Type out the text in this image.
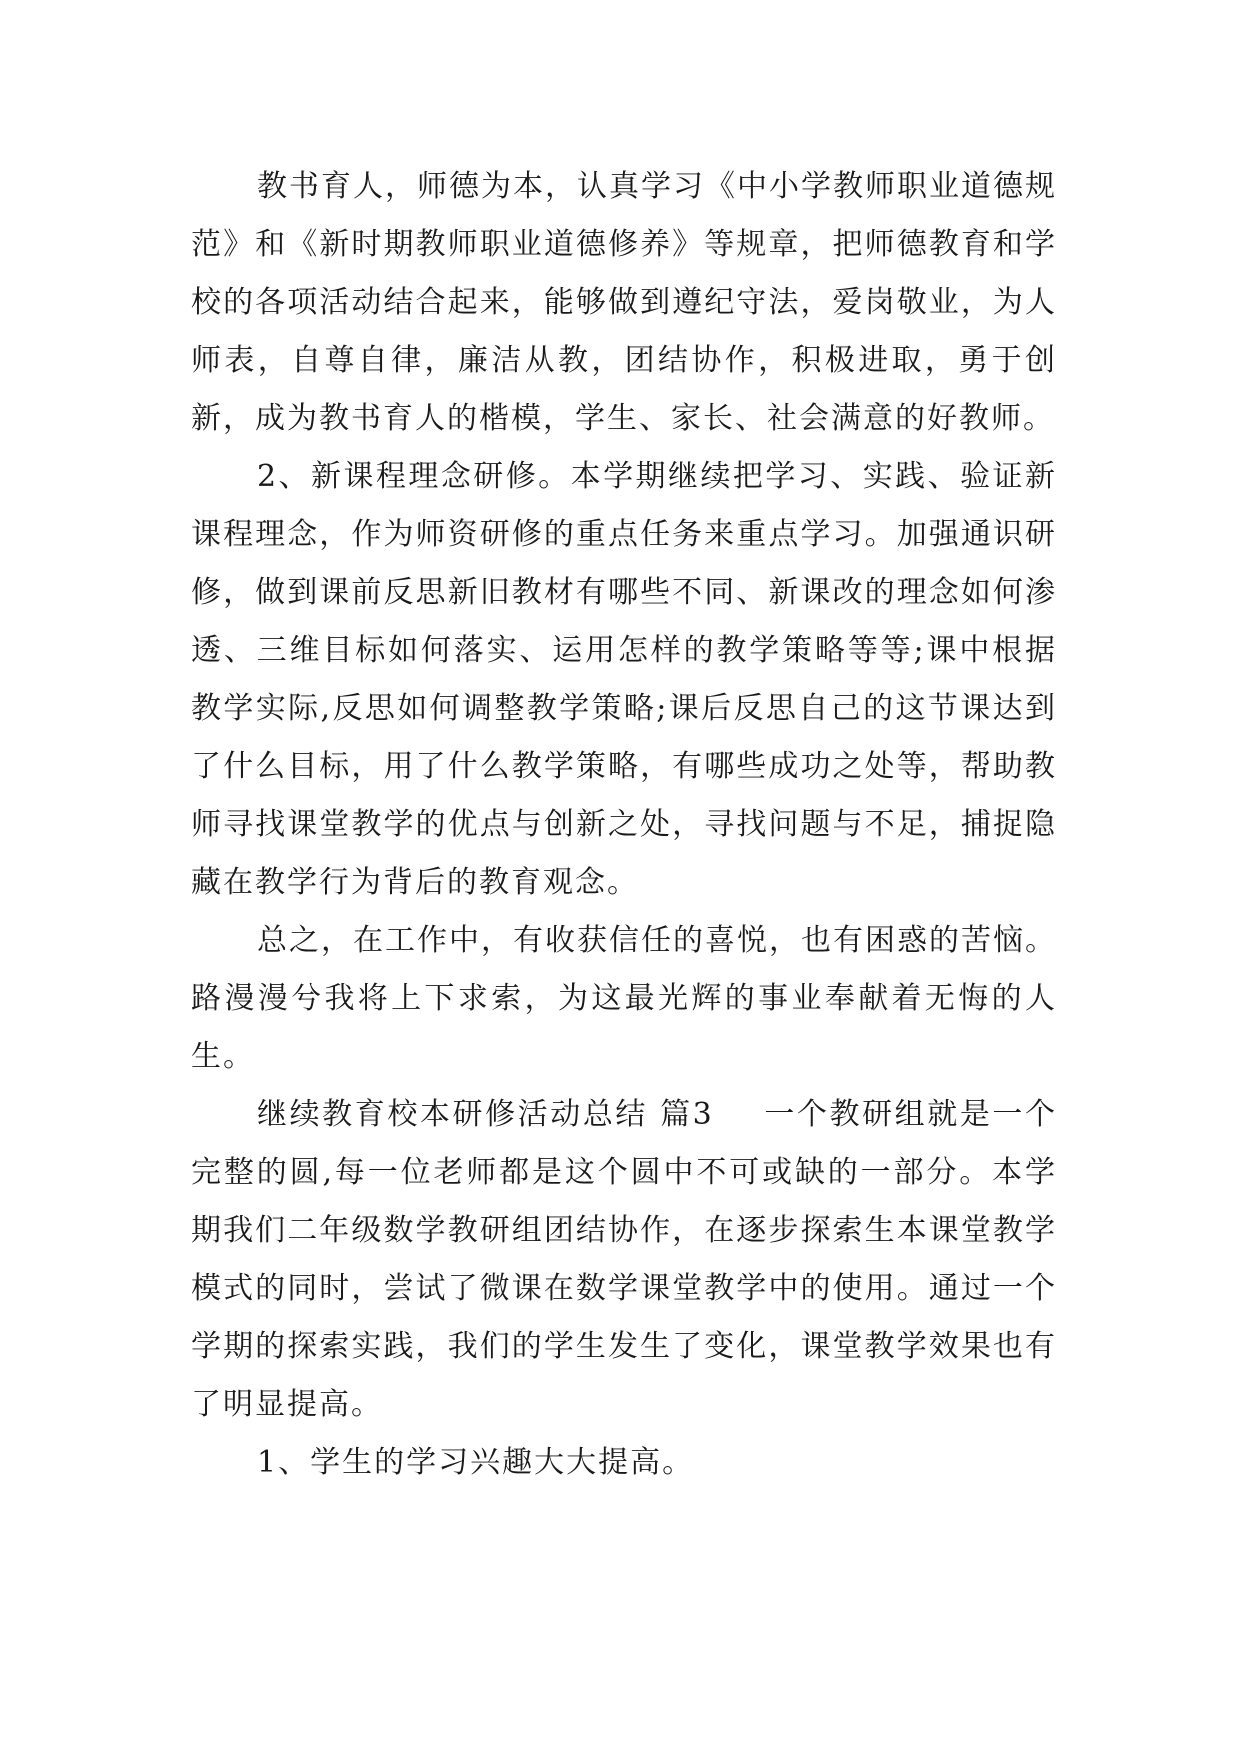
教书育人，师德为本，认真学习《中小学教师职业道德规范》和《新时期教师职业道德修养》等规章，把师德教育和学校的各项活动结合起来，能够做到遵纪守法，爱岗敬业，为人师表，自尊自律，廉洁从教，团结协作，积极进取，勇于创新，成为教书育人的楷模，学生、家长、社会满意的好教师。

2、新课程理念研修。本学期继续把学习、实践、验证新课程理念，作为师资研修的重点任务来重点学习。加强通识研修，做到课前反思新旧教材有哪些不同、新课改的理念如何渗透、三维目标如何落实、运用怎样的教学策略等等;课中根据教学实际,反思如何调整教学策略;课后反思自己的这节课达到了什么目标，用了什么教学策略，有哪些成功之处等，帮助教师寻找课堂教学的优点与创新之处，寻找问题与不足，捕捉隐藏在教学行为背后的教育观念。

总之，在工作中，有收获信任的喜悦，也有困惑的苦恼。路漫漫兮我将上下求索，为这最光辉的事业奉献着无悔的人生。

继续教育校本研修活动总结 篇3 一个教研组就是一个完整的圆,每一位老师都是这个圆中不可或缺的一部分。本学期我们二年级数学教研组团结协作，在逐步探索生本课堂教学模式的同时，尝试了微课在数学课堂教学中的使用。通过一个学期的探索实践，我们的学生发生了变化，课堂教学效果也有了明显提高。

1、学生的学习兴趣大大提高。
